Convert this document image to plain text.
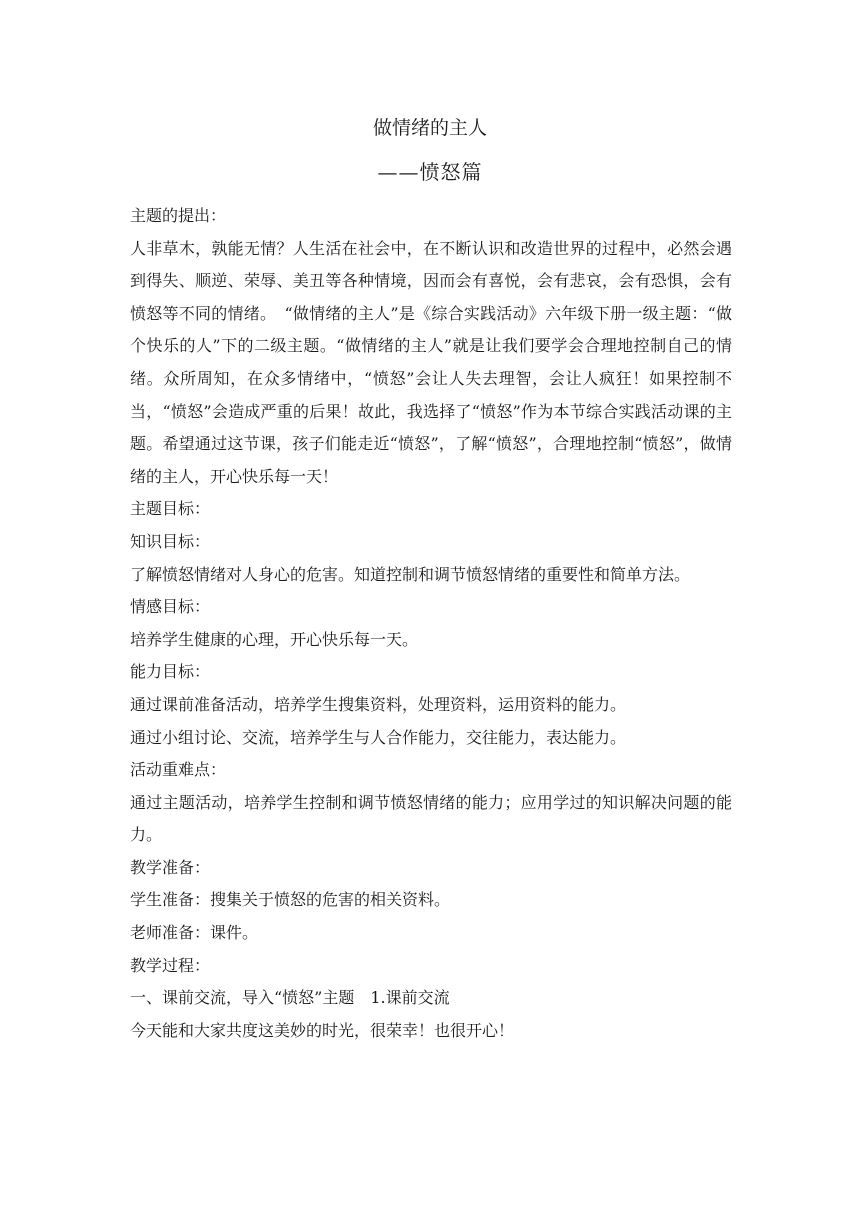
做情绪的主人
——愤怒篇

主题的提出：

人非草木，孰能无情？人生活在社会中，在不断认识和改造世界的过程中，必然会遇到得失、顺逆、荣辱、美丑等各种情境，因而会有喜悦，会有悲哀，会有恐惧，会有愤怒等不同的情绪。　“做情绪的主人”是《综合实践活动》六年级下册一级主题：“做个快乐的人”下的二级主题。“做情绪的主人”就是让我们要学会合理地控制自己的情绪。众所周知，在众多情绪中，“愤怒”会让人失去理智，会让人疯狂！如果控制不当，“愤怒”会造成严重的后果！故此，我选择了“愤怒”作为本节综合实践活动课的主题。希望通过这节课，孩子们能走近“愤怒”，了解“愤怒”，合理地控制“愤怒”，做情绪的主人，开心快乐每一天！

主题目标：

知识目标：

了解愤怒情绪对人身心的危害。知道控制和调节愤怒情绪的重要性和简单方法。

情感目标：

培养学生健康的心理，开心快乐每一天。

能力目标：

通过课前准备活动，培养学生搜集资料，处理资料，运用资料的能力。

通过小组讨论、交流，培养学生与人合作能力，交往能力，表达能力。

活动重难点：

通过主题活动，培养学生控制和调节愤怒情绪的能力；应用学过的知识解决问题的能力。

教学准备：

学生准备：搜集关于愤怒的危害的相关资料。

老师准备：课件。

教学过程：

一、课前交流，导入“愤怒”主题　1.课前交流

今天能和大家共度这美妙的时光，很荣幸！也很开心！
